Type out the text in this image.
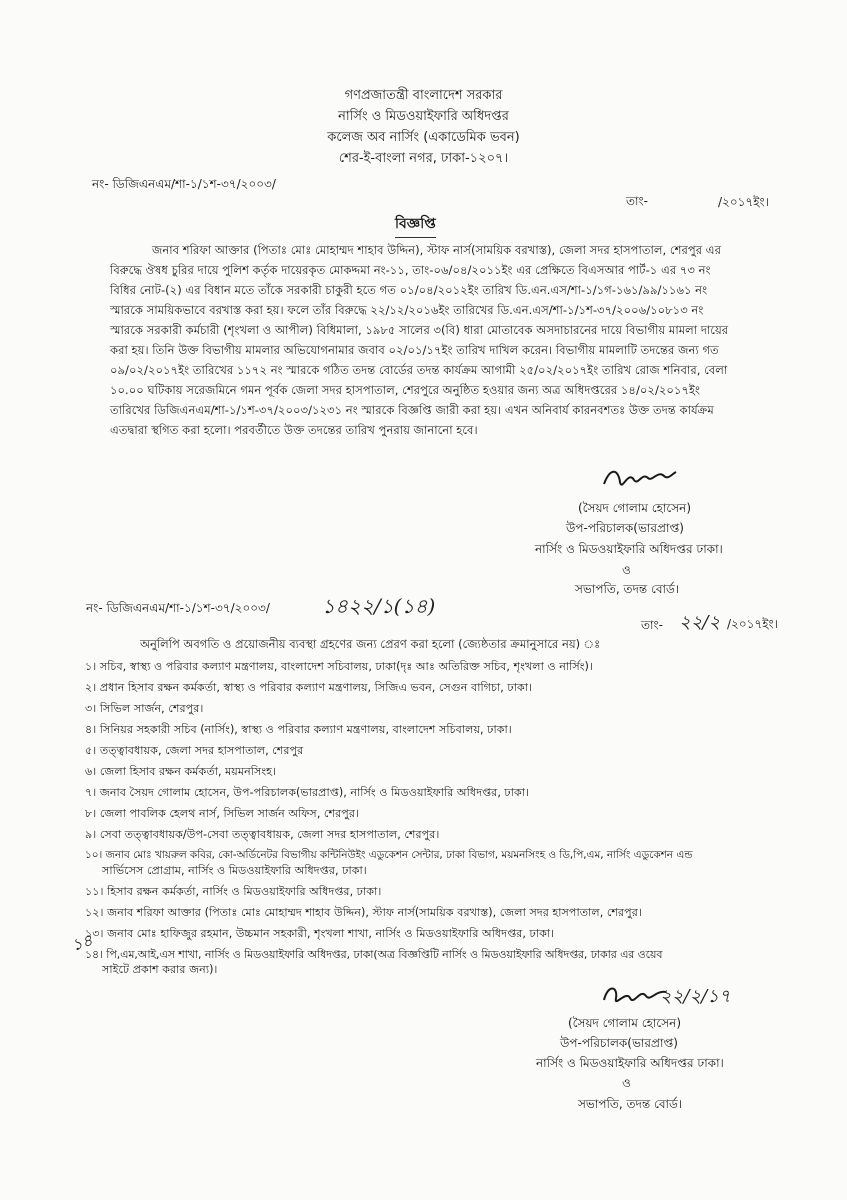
গণপ্রজাতন্ত্রী বাংলাদেশ সরকার
নার্সিং ও মিডওয়াইফারি অধিদপ্তর
কলেজ অব নার্সিং (একাডেমিক ভবন)
শের-ই-বাংলা নগর, ঢাকা-১২০৭।
নং- ডিজিএনএম/শা-১/১শ-৩৭/২০০৩/
তাং-	/২০১৭ইং।
বিজ্ঞপ্তি
জনাব শরিফা আক্তার (পিতাঃ মোঃ মোহাম্মদ শাহাব উদ্দিন), স্টাফ নার্স(সাময়িক বরখাস্ত), জেলা সদর হাসপাতাল, শেরপুর এর
বিরুদ্ধে ঔষধ চুরির দায়ে পুলিশ কর্তৃক দায়েরকৃত মোকদ্দমা নং-১১, তাং-০৬/০৪/২০১১ইং এর প্রেক্ষিতে বিএসআর পার্ট-১ এর ৭৩ নং
বিধির নোট-(২) এর বিধান মতে তাঁকে সরকারী চাকুরী হতে গত ০১/০৪/২০১২ইং তারিখ ডি.এন.এস/শা-১/১গ-১৬১/৯৯/১১৬১ নং
স্মারকে সাময়িকভাবে বরখাস্ত করা হয়। ফলে তাঁর বিরুদ্ধে ২২/১২/২০১৬ইং তারিখের ডি.এন.এস/শা-১/১শ-৩৭/২০০৬/১০৮১৩ নং
স্মারকে সরকারী কর্মচারী (শৃংখলা ও আপীল) বিধিমালা, ১৯৮৫ সালের ৩(বি) ধারা মোতাবেক অসদাচারনের দায়ে বিভাগীয় মামলা দায়ের
করা হয়। তিনি উক্ত বিভাগীয় মামলার অভিযোগনামার জবাব ০২/০১/১৭ইং তারিখ দাখিল করেন। বিভাগীয় মামলাটি তদন্তের জন্য গত
০৯/০২/২০১৭ইং তারিখের ১১৭২ নং স্মারকে গঠিত তদন্ত বোর্ডের তদন্ত কার্যক্রম আগামী ২৫/০২/২০১৭ইং তারিখ রোজ শনিবার, বেলা
১০.০০ ঘটিকায় সরেজমিনে গমন পূর্বক জেলা সদর হাসপাতাল, শেরপুরে অনুষ্ঠিত হওয়ার জন্য অত্র অধিদপ্তরের ১৪/০২/২০১৭ইং
তারিখের ডিজিএনএম/শা-১/১শ-৩৭/২০০৩/১২৩১ নং স্মারকে বিজ্ঞপ্তি জারী করা হয়। এখন অনিবার্য কারনবশতঃ উক্ত তদন্ত কার্যক্রম
এতদ্বারা স্থগিত করা হলো। পরবর্তীতে উক্ত তদন্তের তারিখ পুনরায় জানানো হবে।
(সৈয়দ গোলাম হোসেন)
উপ-পরিচালক(ভারপ্রাপ্ত)
নার্সিং ও মিডওয়াইফারি অধিদপ্তর ঢাকা।
ও
সভাপতি, তদন্ত বোর্ড।
নং- ডিজিএনএম/শা-১/১শ-৩৭/২০০৩/	১৪২২/১(১৪)
তাং- ২২/২ /২০১৭ইং।
অনুলিপি অবগতি ও প্রয়োজনীয় ব্যবস্থা গ্রহণের জন্য প্রেরণ করা হলো (জ্যেষ্ঠতার ক্রমানুসারে নয়) ঃ
১। সচিব, স্বাস্থ্য ও পরিবার কল্যাণ মন্ত্রণালয়, বাংলাদেশ সচিবালয়, ঢাকা(দৃঃ আঃ অতিরিক্ত সচিব, শৃংখলা ও নার্সিং)।
২। প্রধান হিসাব রক্ষন কর্মকর্তা, স্বাস্থ্য ও পরিবার কল্যাণ মন্ত্রণালয়, সিজিএ ভবন, সেগুন বাগিচা, ঢাকা।
৩। সিভিল সার্জন, শেরপুর।
৪। সিনিয়র সহকারী সচিব (নার্সিং), স্বাস্থ্য ও পরিবার কল্যাণ মন্ত্রণালয়, বাংলাদেশ সচিবালয়, ঢাকা।
৫। তত্ত্বাবধায়ক, জেলা সদর হাসপাতাল, শেরপুর
৬। জেলা হিসাব রক্ষন কর্মকর্তা, ময়মনসিংহ।
৭। জনাব সৈয়দ গোলাম হোসেন, উপ-পরিচালক(ভারপ্রাপ্ত), নার্সিং ও মিডওয়াইফারি অধিদপ্তর, ঢাকা।
৮। জেলা পাবলিক হেলথ নার্স, সিভিল সার্জন অফিস, শেরপুর।
৯। সেবা তত্ত্বাবধায়ক/উপ-সেবা তত্ত্বাবধায়ক, জেলা সদর হাসপাতাল, শেরপুর।
১০। জনাব মোঃ খায়রুল কবির, কো-অর্ডিনেটর বিভাগীয় কন্টিনিউইং এডুকেশন সেন্টার, ঢাকা বিভাগ, ময়মনসিংহ ও ডি,পি,এম, নার্সিং এডুকেশন এন্ড
সার্ভিসেস প্রোগ্রাম, নার্সিং ও মিডওয়াইফারি অধিদপ্তর, ঢাকা।
১১। হিসাব রক্ষন কর্মকর্তা, নার্সিং ও মিডওয়াইফারি অধিদপ্তর, ঢাকা।
১২। জনাব শরিফা আক্তার (পিতাঃ মোঃ মোহাম্মদ শাহাব উদ্দিন), স্টাফ নার্স(সাময়িক বরখাস্ত), জেলা সদর হাসপাতাল, শেরপুর।
১৩। জনাব মোঃ হাফিজুর রহমান, উচ্চমান সহকারী, শৃংখলা শাখা, নার্সিং ও মিডওয়াইফারি অধিদপ্তর, ঢাকা।
১৪। পি,এম,আই,এস শাখা, নার্সিং ও মিডওয়াইফারি অধিদপ্তর, ঢাকা(অত্র বিজ্ঞপ্তিটি নার্সিং ও মিডওয়াইফারি অধিদপ্তর, ঢাকার এর ওয়েব
সাইটে প্রকাশ করার জন্য)।
১৪
২২/২/১৭
(সৈয়দ গোলাম হোসেন)
উপ-পরিচালক(ভারপ্রাপ্ত)
নার্সিং ও মিডওয়াইফারি অধিদপ্তর ঢাকা।
ও
সভাপতি, তদন্ত বোর্ড।
